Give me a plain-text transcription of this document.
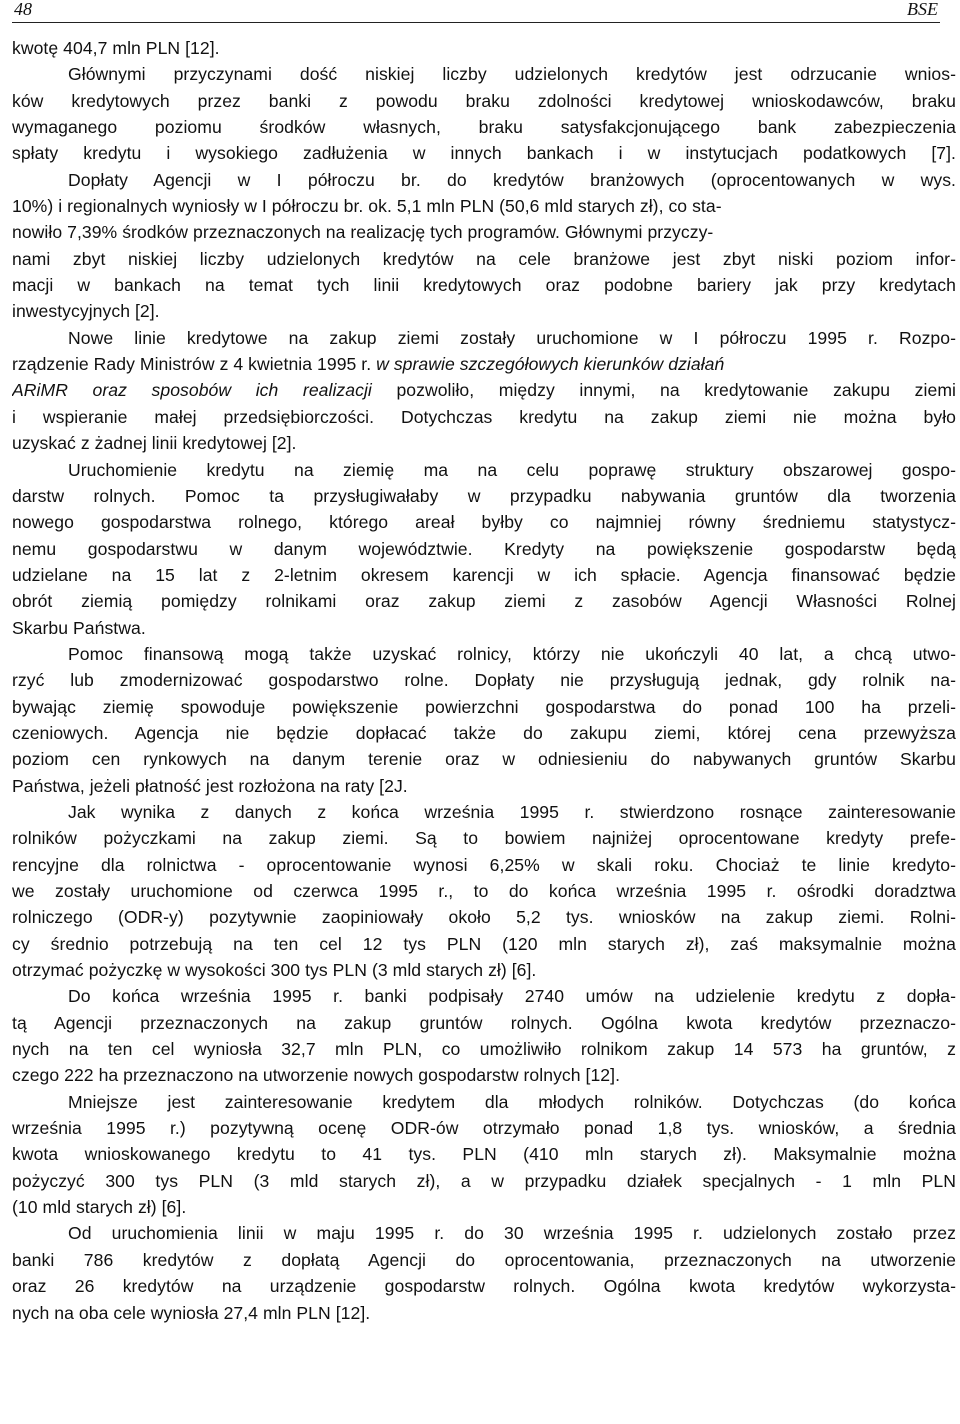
48	BSE
kwotę 404,7 mln PLN [12].
Głównymi przyczynami dość niskiej liczby udzielonych kredytów jest odrzucanie wnios-
ków kredytowych przez banki z powodu braku zdolności kredytowej wnioskodawców, braku
wymaganego poziomu środków własnych, braku satysfakcjonującego bank zabezpieczenia
spłaty kredytu i wysokiego zadłużenia w innych bankach i w instytucjach podatkowych [7].
Dopłaty Agencji w I półroczu br. do kredytów branżowych (oprocentowanych w wys.
10%) i regionalnych wyniosły w I półroczu br. ok. 5,1 mln PLN (50,6 mld starych zł), co sta-
nowiło 7,39% środków przeznaczonych na realizację tych programów. Głównymi przyczy-
nami zbyt niskiej liczby udzielonych kredytów na cele branżowe jest zbyt niski poziom infor-
macji w bankach na temat tych linii kredytowych oraz podobne bariery jak przy kredytach
inwestycyjnych [2].
Nowe linie kredytowe na zakup ziemi zostały uruchomione w I półroczu 1995 r. Rozpo-
rządzenie Rady Ministrów z 4 kwietnia 1995 r. w sprawie szczegółowych kierunków działań
ARiMR oraz sposobów ich realizacji pozwoliło, między innymi, na kredytowanie zakupu ziemi
i wspieranie małej przedsiębiorczości. Dotychczas kredytu na zakup ziemi nie można było
uzyskać z żadnej linii kredytowej [2].
Uruchomienie kredytu na ziemię ma na celu poprawę struktury obszarowej gospo-
darstw rolnych. Pomoc ta przysługiwałaby w przypadku nabywania gruntów dla tworzenia
nowego gospodarstwa rolnego, którego areał byłby co najmniej równy średniemu statystycz-
nemu gospodarstwu w danym województwie. Kredyty na powiększenie gospodarstw będą
udzielane na 15 lat z 2-letnim okresem karencji w ich spłacie. Agencja finansować będzie
obrót ziemią pomiędzy rolnikami oraz zakup ziemi z zasobów Agencji Własności Rolnej
Skarbu Państwa.
Pomoc finansową mogą także uzyskać rolnicy, którzy nie ukończyli 40 lat, a chcą utwo-
rzyć lub zmodernizować gospodarstwo rolne. Dopłaty nie przysługują jednak, gdy rolnik na-
bywając ziemię spowoduje powiększenie powierzchni gospodarstwa do ponad 100 ha przeli-
czeniowych. Agencja nie będzie dopłacać także do zakupu ziemi, której cena przewyższa
poziom cen rynkowych na danym terenie oraz w odniesieniu do nabywanych gruntów Skarbu
Państwa, jeżeli płatność jest rozłożona na raty [2J.
Jak wynika z danych z końca września 1995 r. stwierdzono rosnące zainteresowanie
rolników pożyczkami na zakup ziemi. Są to bowiem najniżej oprocentowane kredyty prefe-
rencyjne dla rolnictwa - oprocentowanie wynosi 6,25% w skali roku. Chociaż te linie kredyto-
we zostały uruchomione od czerwca 1995 r., to do końca września 1995 r. ośrodki doradztwa
rolniczego (ODR-y) pozytywnie zaopiniowały około 5,2 tys. wniosków na zakup ziemi. Rolni-
cy średnio potrzebują na ten cel 12 tys PLN (120 mln starych zł), zaś maksymalnie można
otrzymać pożyczkę w wysokości 300 tys PLN (3 mld starych zł) [6].
Do końca września 1995 r. banki podpisały 2740 umów na udzielenie kredytu z dopła-
tą Agencji przeznaczonych na zakup gruntów rolnych. Ogólna kwota kredytów przeznaczo-
nych na ten cel wyniosła 32,7 mln PLN, co umożliwiło rolnikom zakup 14 573 ha gruntów, z
czego 222 ha przeznaczono na utworzenie nowych gospodarstw rolnych [12].
Mniejsze jest zainteresowanie kredytem dla młodych rolników. Dotychczas (do końca
września 1995 r.) pozytywną ocenę ODR-ów otrzymało ponad 1,8 tys. wniosków, a średnia
kwota wnioskowanego kredytu to 41 tys. PLN (410 mln starych zł). Maksymalnie można
pożyczyć 300 tys PLN (3 mld starych zł), a w przypadku działek specjalnych - 1 mln PLN
(10 mld starych zł) [6].
Od uruchomienia linii w maju 1995 r. do 30 września 1995 r. udzielonych zostało przez
banki 786 kredytów z dopłatą Agencji do oprocentowania, przeznaczonych na utworzenie
oraz 26 kredytów na urządzenie gospodarstw rolnych. Ogólna kwota kredytów wykorzysta-
nych na oba cele wyniosła 27,4 mln PLN [12].
